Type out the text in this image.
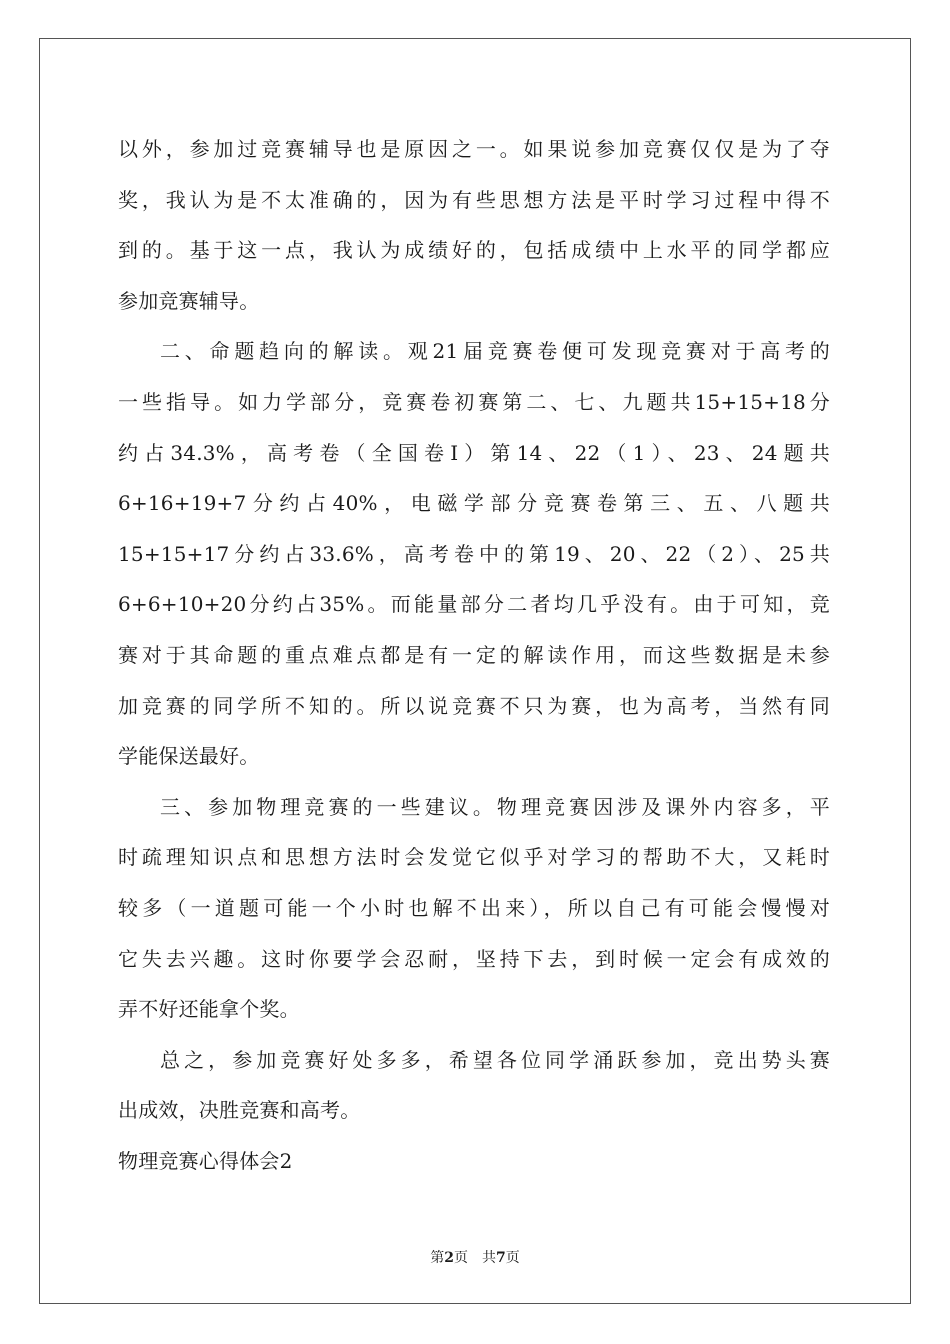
以外，参加过竞赛辅导也是原因之一。如果说参加竞赛仅仅是为了夺
奖，我认为是不太准确的，因为有些思想方法是平时学习过程中得不
到的。基于这一点，我认为成绩好的，包括成绩中上水平的同学都应
参加竞赛辅导。
二、命题趋向的解读。观21届竞赛卷便可发现竞赛对于高考的
一些指导。如力学部分，竞赛卷初赛第二、七、九题共15+15+18分
约占34.3%，高考卷（全国卷Ⅰ）第14、22（1）、23、24题共
6+16+19+7分约占40%，电磁学部分竞赛卷第三、五、八题共
15+15+17分约占33.6%，高考卷中的第19、20、22（2）、25共
6+6+10+20分约占35%。而能量部分二者均几乎没有。由于可知，竞
赛对于其命题的重点难点都是有一定的解读作用，而这些数据是未参
加竞赛的同学所不知的。所以说竞赛不只为赛，也为高考，当然有同
学能保送最好。
三、参加物理竞赛的一些建议。物理竞赛因涉及课外内容多，平
时疏理知识点和思想方法时会发觉它似乎对学习的帮助不大，又耗时
较多（一道题可能一个小时也解不出来），所以自己有可能会慢慢对
它失去兴趣。这时你要学会忍耐，坚持下去，到时候一定会有成效的
弄不好还能拿个奖。
总之，参加竞赛好处多多，希望各位同学涌跃参加，竞出势头赛
出成效，决胜竞赛和高考。
物理竞赛心得体会2
第2页 共7页
